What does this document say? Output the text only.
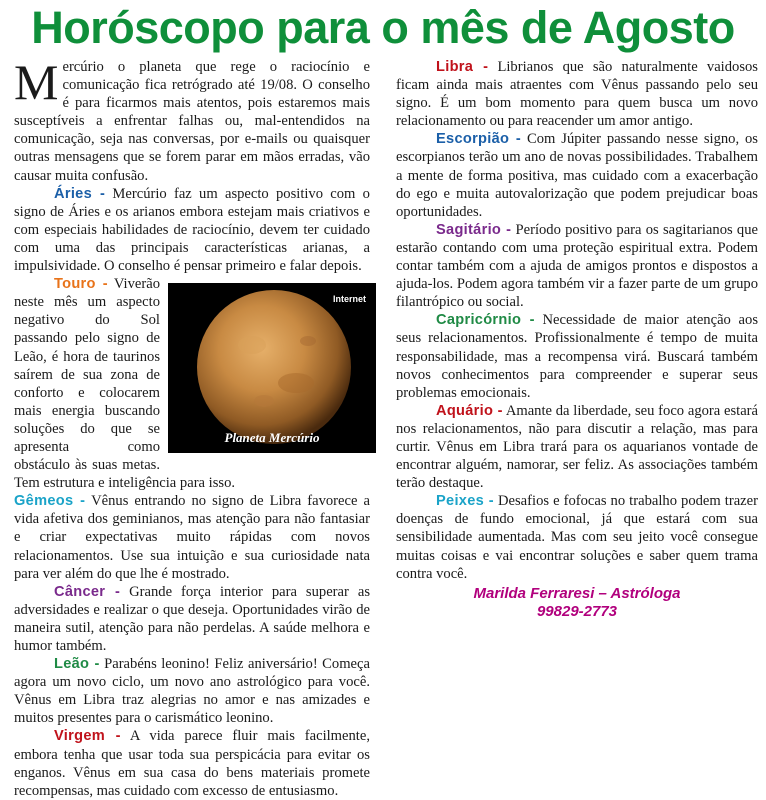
Horóscopo para o mês de Agosto

Mercúrio o planeta que rege o raciocínio e comunicação fica retrógrado até 19/08. O conselho é para ficarmos mais atentos, pois estaremos mais susceptíveis a enfrentar falhas ou, mal-entendidos na comunicação, seja nas conversas, por e-mails ou quaisquer outras mensagens que se forem parar em mãos erradas, vão causar muita confusão.

Áries - Mercúrio faz um aspecto positivo com o signo de Áries e os arianos embora estejam mais criativos e com especiais habilidades de raciocínio, devem ter cuidado com uma das principais características arianas, a impulsividade. O conselho é pensar primeiro e falar depois.

Internet
Planeta Mercúrio

Touro - Viverão neste mês um aspecto negativo do Sol passando pelo signo de Leão, é hora de taurinos saírem de sua zona de conforto e colocarem mais energia buscando soluções do que se apresenta como obstáculo às suas metas. Tem estrutura e inteligência para isso.

Gêmeos - Vênus entrando no signo de Libra favorece a vida afetiva dos geminianos, mas atenção para não fantasiar e criar expectativas muito rápidas com novos relacionamentos. Use sua intuição e sua curiosidade nata para ver além do que lhe é mostrado.

Câncer - Grande força interior para superar as adversidades e realizar o que deseja. Oportunidades virão de maneira sutil, atenção para não perdelas. A saúde melhora e humor também.

Leão - Parabéns leonino! Feliz aniversário! Começa agora um novo ciclo, um novo ano astrológico para você. Vênus em Libra traz alegrias no amor e nas amizades e muitos presentes para o carismático leonino.

Virgem - A vida parece fluir mais facilmente, embora tenha que usar toda sua perspicácia para evitar os enganos. Vênus em sua casa do bens materiais promete recompensas, mas cuidado com excesso de entusiasmo.

Libra - Librianos que são naturalmente vaidosos ficam ainda mais atraentes com Vênus passando pelo seu signo. É um bom momento para quem busca um novo relacionamento ou para reacender um amor antigo.

Escorpião - Com Júpiter passando nesse signo, os escorpianos terão um ano de novas possibilidades. Trabalhem a mente de forma positiva, mas cuidado com a exacerbação do ego e muita autovalorização que podem prejudicar boas oportunidades.

Sagitário - Período positivo para os sagitarianos que estarão contando com uma proteção espiritual extra. Podem contar também com a ajuda de amigos prontos e dispostos a ajuda-los. Podem agora também vir a fazer parte de um grupo filantrópico ou social.

Capricórnio - Necessidade de maior atenção aos seus relacionamentos. Profissionalmente é tempo de muita responsabilidade, mas a recompensa virá. Buscará também novos conhecimentos para compreender e superar seus problemas emocionais.

Aquário - Amante da liberdade, seu foco agora estará nos relacionamentos, não para discutir a relação, mas para curtir. Vênus em Libra trará para os aquarianos vontade de encontrar alguém, namorar, ser feliz. As associações também terão destaque.

Peixes - Desafios e fofocas no trabalho podem trazer doenças de fundo emocional, já que estará com sua sensibilidade aumentada. Mas com seu jeito você consegue muitas coisas e vai encontrar soluções e saber quem trama contra você.

Marilda Ferraresi – Astróloga
99829-2773
